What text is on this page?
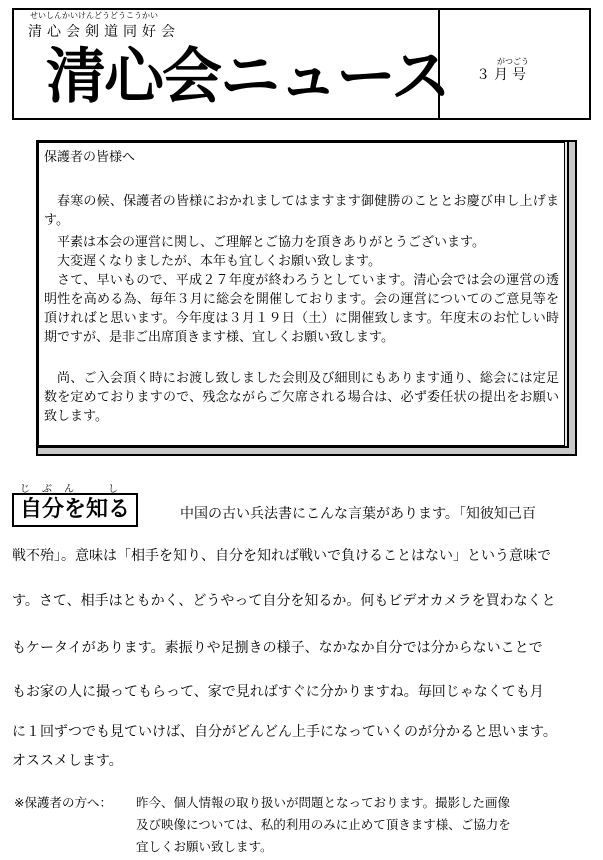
せいしんかいけんどうどうこうかい
清心会剣道同好会
清心会ニュース	がつごう
３月号
保護者の皆様へ
春寒の候、保護者の皆様におかれましてはますます御健勝のこととお慶び申し上げます。
平素は本会の運営に関し、ご理解とご協力を頂きありがとうございます。
大変遅くなりましたが、本年も宜しくお願い致します。
さて、早いもので、平成２７年度が終わろうとしています。清心会では会の運営の透明性を高める為、毎年３月に総会を開催しております。会の運営についてのご意見等を頂ければと思います。今年度は３月１９日（土）に開催致します。年度末のお忙しい時期ですが、是非ご出席頂きます様、宜しくお願い致します。
尚、ご入会頂く時にお渡し致しました会則及び細則にもあります通り、総会には定足数を定めておりますので、残念ながらご欠席される場合は、必ず委任状の提出をお願い致します。
じぶん　し
自分を知る	中国の古い兵法書にこんな言葉があります。｢知彼知己百
戦不殆｣。意味は「相手を知り、自分を知れば戦いで負けることはない」という意味で
す。さて、相手はともかく、どうやって自分を知るか。何もビデオカメラを買わなくと
もケータイがあります。素振りや足捌きの様子、なかなか自分では分からないことで
もお家の人に撮ってもらって、家で見ればすぐに分かりますね。毎回じゃなくても月
に１回ずつでも見ていけば、自分がどんどん上手になっていくのが分かると思います。
オススメします。
※保護者の方へ： 昨今、個人情報の取り扱いが問題となっております。撮影した画像
及び映像については、私的利用のみに止めて頂きます様、ご協力を
宜しくお願い致します。
